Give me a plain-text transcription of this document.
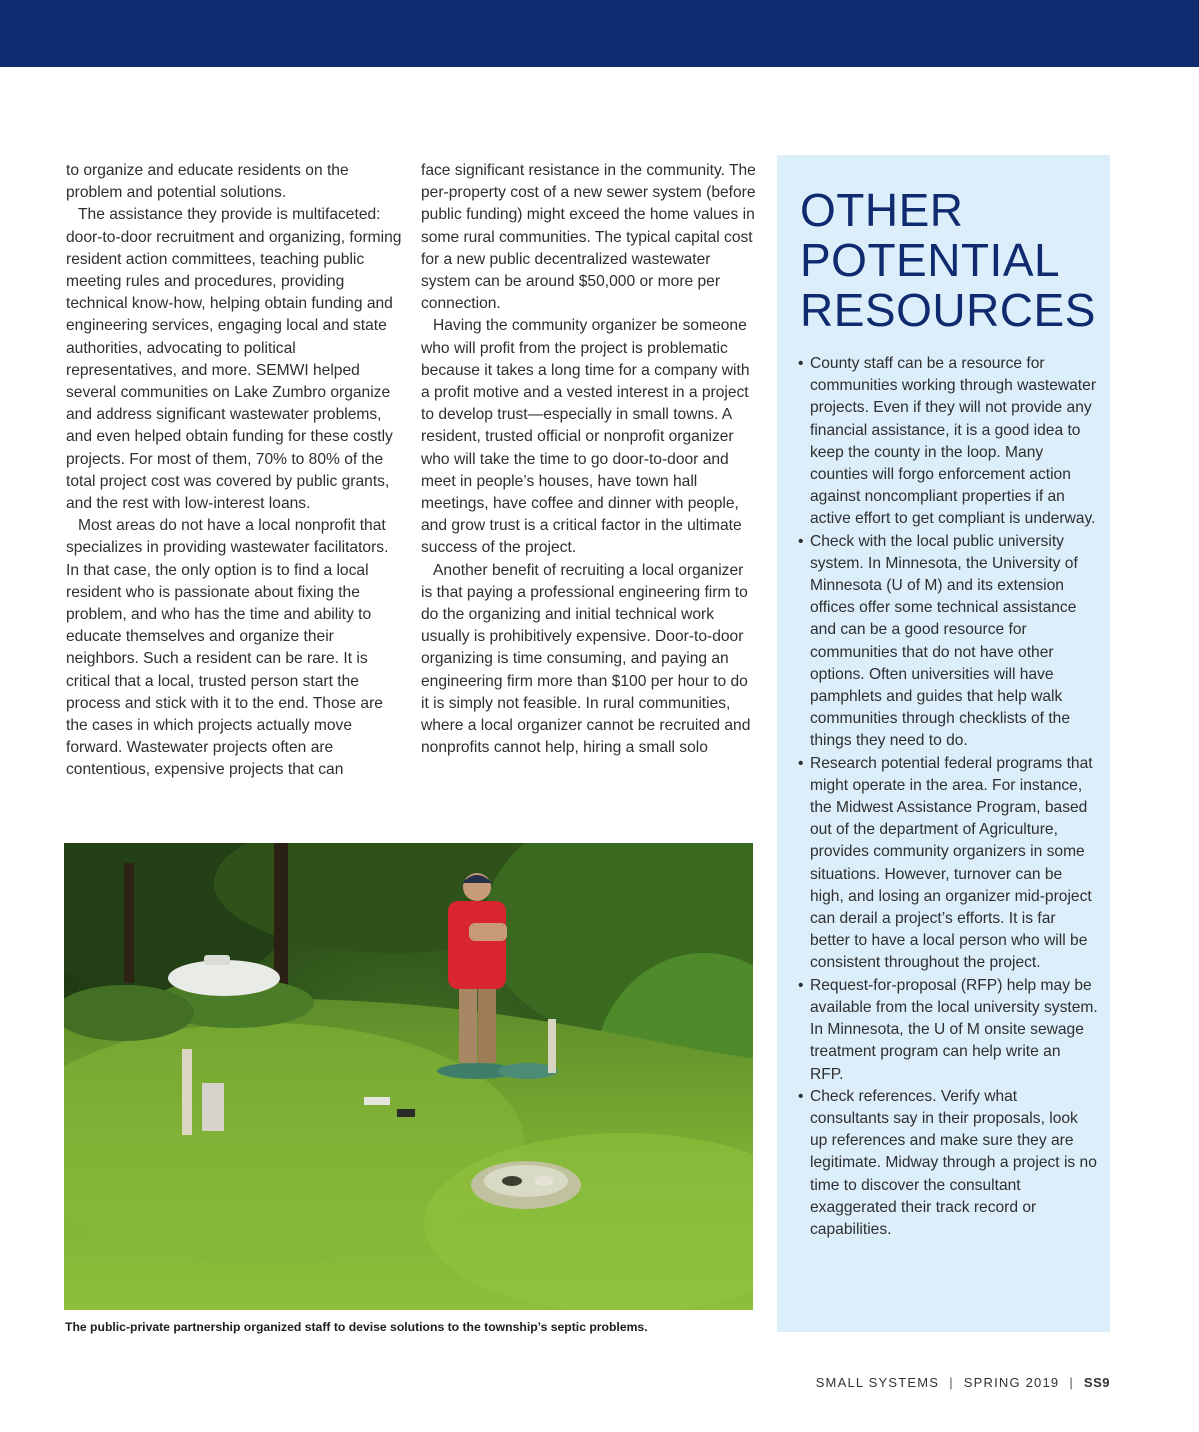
to organize and educate residents on the problem and potential solutions.

The assistance they provide is multifaceted: door-to-door recruitment and organizing, forming resident action committees, teaching public meeting rules and procedures, providing technical know-how, helping obtain funding and engineering services, engaging local and state authorities, advocating to political representatives, and more. SEMWI helped several communities on Lake Zumbro organize and address significant wastewater problems, and even helped obtain funding for these costly projects. For most of them, 70% to 80% of the total project cost was covered by public grants, and the rest with low-interest loans.

Most areas do not have a local nonprofit that specializes in providing wastewater facilitators. In that case, the only option is to find a local resident who is passionate about fixing the problem, and who has the time and ability to educate themselves and organize their neighbors. Such a resident can be rare. It is critical that a local, trusted person start the process and stick with it to the end. Those are the cases in which projects actually move forward. Wastewater projects often are contentious, expensive projects that can

face significant resistance in the community. The per-property cost of a new sewer system (before public funding) might exceed the home values in some rural communities. The typical capital cost for a new public decentralized wastewater system can be around $50,000 or more per connection.

Having the community organizer be someone who will profit from the project is problematic because it takes a long time for a company with a profit motive and a vested interest in a project to develop trust—especially in small towns. A resident, trusted official or nonprofit organizer who will take the time to go door-to-door and meet in people’s houses, have town hall meetings, have coffee and dinner with people, and grow trust is a critical factor in the ultimate success of the project.

Another benefit of recruiting a local organizer is that paying a professional engineering firm to do the organizing and initial technical work usually is prohibitively expensive. Door-to-door organizing is time consuming, and paying an engineering firm more than $100 per hour to do it is simply not feasible. In rural communities, where a local organizer cannot be recruited and nonprofits cannot help, hiring a small solo

OTHER
POTENTIAL
RESOURCES
• County staff can be a resource for communities working through wastewater projects. Even if they will not provide any financial assistance, it is a good idea to keep the county in the loop. Many counties will forgo enforcement action against noncompliant properties if an active effort to get compliant is underway.
• Check with the local public university system. In Minnesota, the University of Minnesota (U of M) and its extension offices offer some technical assistance and can be a good resource for communities that do not have other options. Often universities will have pamphlets and guides that help walk communities through checklists of the things they need to do.
• Research potential federal programs that might operate in the area. For instance, the Midwest Assistance Program, based out of the department of Agriculture, provides community organizers in some situations. However, turnover can be high, and losing an organizer mid-project can derail a project’s efforts. It is far better to have a local person who will be consistent throughout the project.
• Request-for-proposal (RFP) help may be available from the local university system. In Minnesota, the U of M onsite sewage treatment program can help write an RFP.
• Check references. Verify what consultants say in their proposals, look up references and make sure they are legitimate. Midway through a project is no time to discover the consultant exaggerated their track record or capabilities.
The public-private partnership organized staff to devise solutions to the township’s septic problems.
SMALL SYSTEMS | SPRING 2019 | SS9
